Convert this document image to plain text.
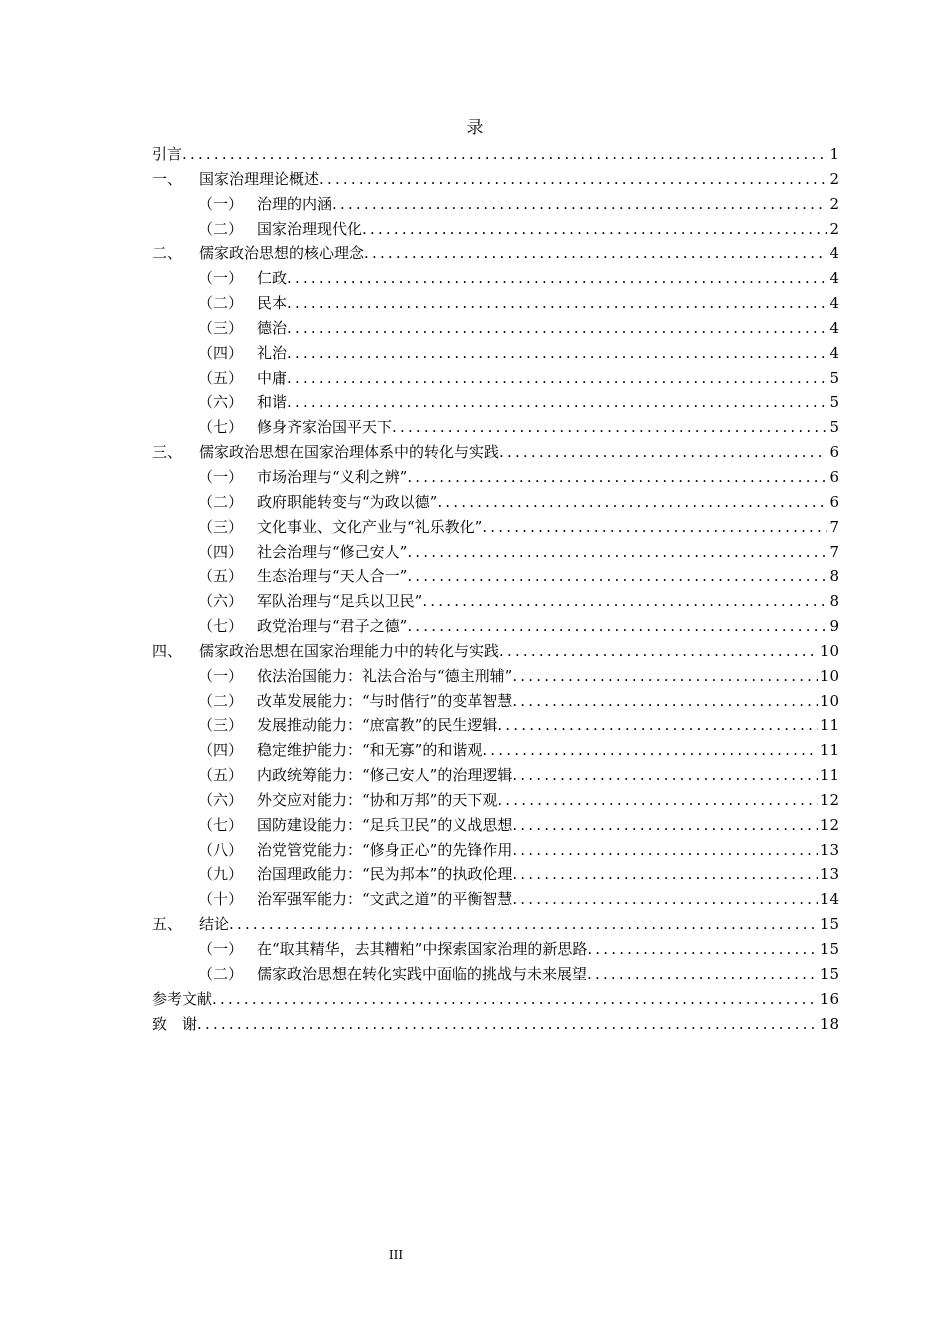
录
引言 .....	1
一、	国家治理理论概述 .....	2
（一） 治理的内涵 .....	2
（二） 国家治理现代化 .....	2
二、	儒家政治思想的核心理念 .....	4
（一） 仁政 .....	4
（二） 民本 .....	4
（三） 德治 .....	4
（四） 礼治 .....	4
（五） 中庸 .....	5
（六） 和谐 .....	5
（七） 修身齐家治国平天下 .....	5
三、	儒家政治思想在国家治理体系中的转化与实践 .....	6
（一） 市场治理与“义利之辨” .....	6
（二） 政府职能转变与“为政以德” .....	6
（三） 文化事业、文化产业与“礼乐教化” .....	7
（四） 社会治理与“修己安人” .....	7
（五） 生态治理与“天人合一” .....	8
（六） 军队治理与“足兵以卫民” .....	8
（七） 政党治理与“君子之德” .....	9
四、	儒家政治思想在国家治理能力中的转化与实践 .....	10
（一） 依法治国能力：礼法合治与“德主刑辅” .....	10
（二） 改革发展能力：“与时偕行”的变革智慧 .....	10
（三） 发展推动能力：“庶富教”的民生逻辑 .....	11
（四） 稳定维护能力：“和无寡”的和谐观 .....	11
（五） 内政统筹能力：“修己安人”的治理逻辑 .....	11
（六） 外交应对能力：“协和万邦”的天下观 .....	12
（七） 国防建设能力：“足兵卫民”的义战思想 .....	12
（八） 治党管党能力：“修身正心”的先锋作用 .....	13
（九） 治国理政能力：“民为邦本”的执政伦理 .....	13
（十） 治军强军能力：“文武之道”的平衡智慧 .....	14
五、	结论 .....	15
（一） 在“取其精华，去其糟粕”中探索国家治理的新思路 .....	15
（二） 儒家政治思想在转化实践中面临的挑战与未来展望 .....	15
参考文献 .....	16
致　谢 .....	18
III
